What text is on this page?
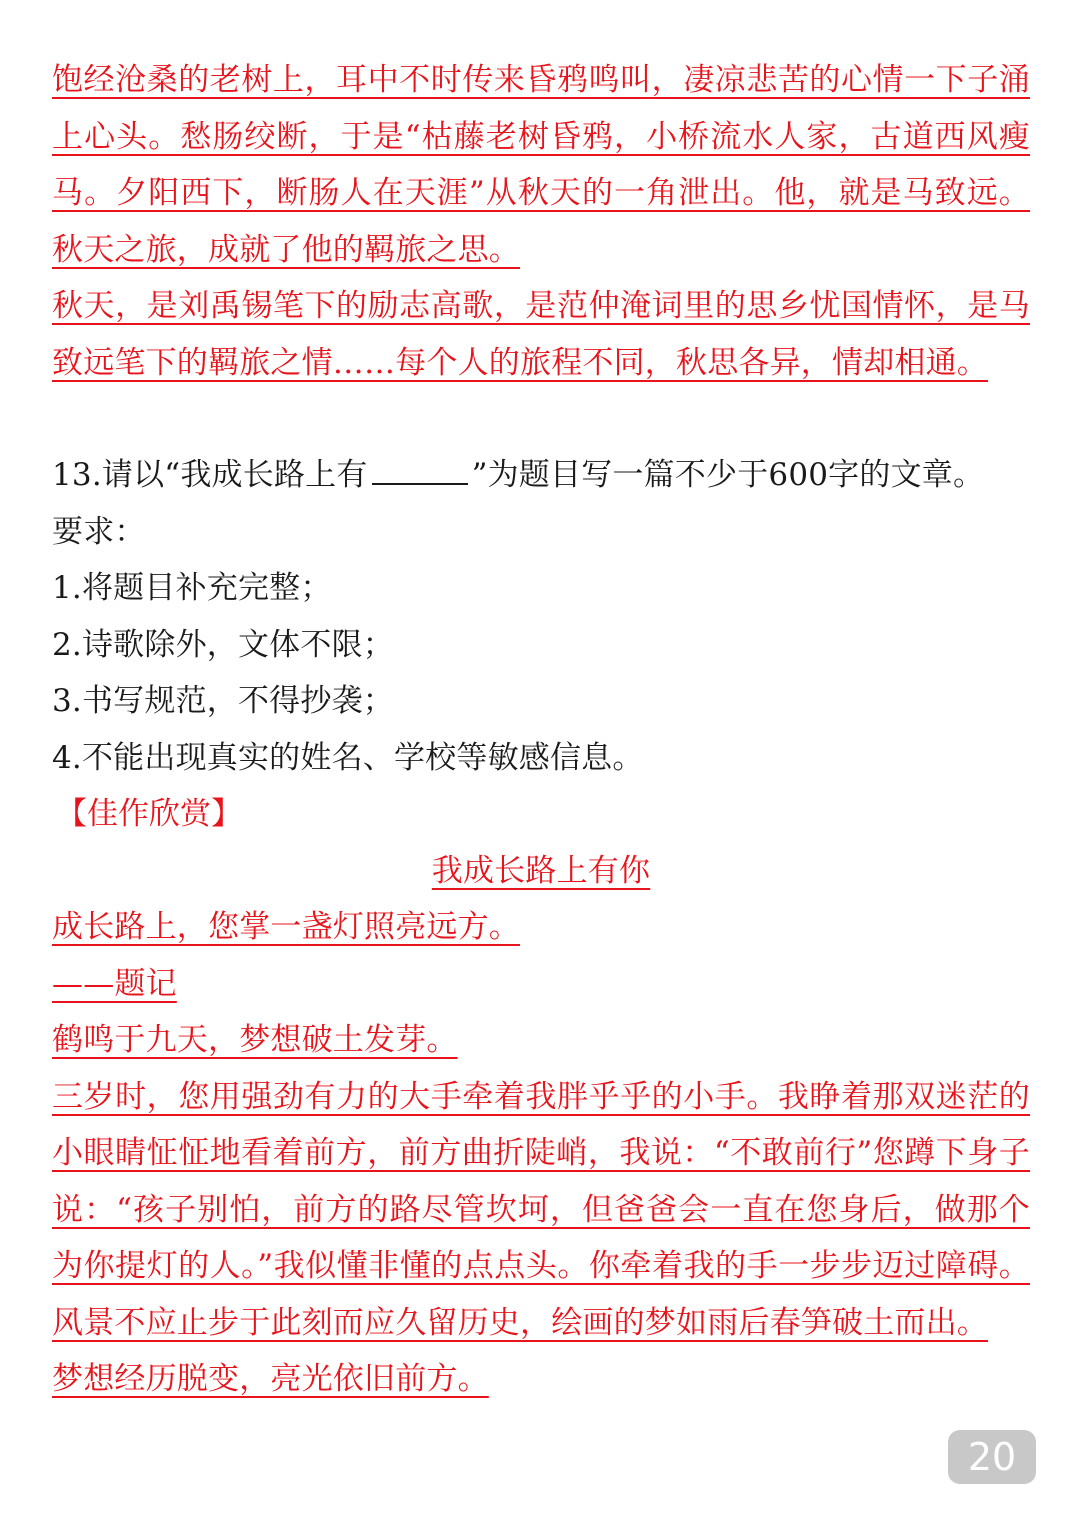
饱经沧桑的老树上，耳中不时传来昏鸦鸣叫，凄凉悲苦的心情一下子涌上心头。愁肠绞断，于是“枯藤老树昏鸦，小桥流水人家，古道西风瘦马。夕阳西下，断肠人在天涯”从秋天的一角泄出。他，就是马致远。秋天之旅，成就了他的羁旅之思。

秋天，是刘禹锡笔下的励志高歌，是范仲淹词里的思乡忧国情怀，是马致远笔下的羁旅之情……每个人的旅程不同，秋思各异，情却相通。

13.请以“我成长路上有	”为题目写一篇不少于600字的文章。

要求：

1.将题目补充完整；

2.诗歌除外，文体不限；

3.书写规范，不得抄袭；

4.不能出现真实的姓名、学校等敏感信息。

【佳作欣赏】

我成长路上有你

成长路上，您掌一盏灯照亮远方。

——题记

鹤鸣于九天，梦想破土发芽。

三岁时，您用强劲有力的大手牵着我胖乎乎的小手。我睁着那双迷茫的小眼睛怔怔地看着前方，前方曲折陡峭，我说：“不敢前行”您蹲下身子说：“孩子别怕，前方的路尽管坎坷，但爸爸会一直在您身后，做那个为你提灯的人。”我似懂非懂的点点头。你牵着我的手一步步迈过障碍。风景不应止步于此刻而应久留历史，绘画的梦如雨后春笋破土而出。

梦想经历脱变，亮光依旧前方。

20
